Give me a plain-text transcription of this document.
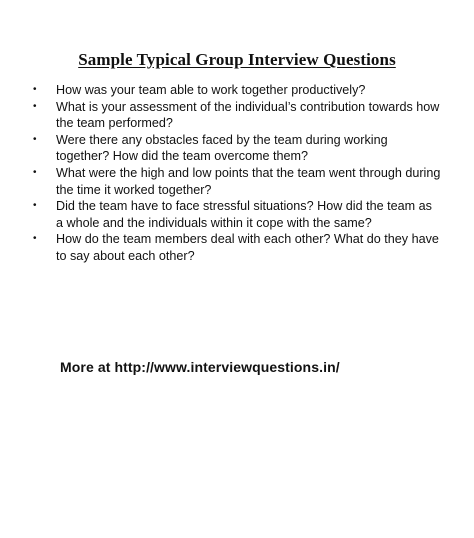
Sample Typical Group Interview Questions
• How was your team able to work together productively?
• What is your assessment of the individual’s contribution towards how the team performed?
• Were there any obstacles faced by the team during working together? How did the team overcome them?
• What were the high and low points that the team went through during the time it worked together?
• Did the team have to face stressful situations? How did the team as a whole and the individuals within it cope with the same?
• How do the team members deal with each other? What do they have to say about each other?
More at http://www.interviewquestions.in/
